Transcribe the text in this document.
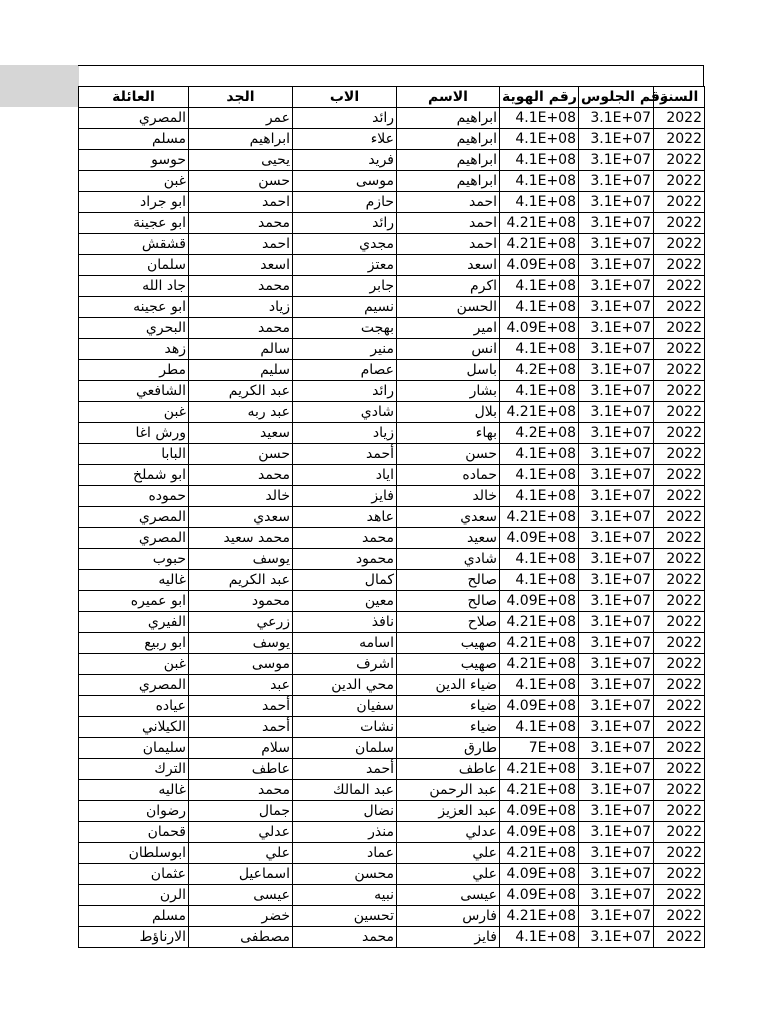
العائلة	الجد	الاب	الاسم	رقم الهوية	رقم الجلوس	السنة
المصري	عمر	رائد	ابراهيم	4.1E+08	3.1E+07	2022
مسلم	ابراهيم	علاء	ابراهيم	4.1E+08	3.1E+07	2022
حوسو	يحيى	فريد	ابراهيم	4.1E+08	3.1E+07	2022
غبن	حسن	موسى	ابراهيم	4.1E+08	3.1E+07	2022
ابو جراد	احمد	حازم	احمد	4.1E+08	3.1E+07	2022
ابو عجينة	محمد	رائد	احمد	4.21E+08	3.1E+07	2022
قشقش	احمد	مجدي	احمد	4.21E+08	3.1E+07	2022
سلمان	اسعد	معتز	اسعد	4.09E+08	3.1E+07	2022
جاد الله	محمد	جابر	اكرم	4.1E+08	3.1E+07	2022
ابو عجينه	زياد	نسيم	الحسن	4.1E+08	3.1E+07	2022
البحري	محمد	بهجت	امير	4.09E+08	3.1E+07	2022
زهد	سالم	منير	انس	4.1E+08	3.1E+07	2022
مطر	سليم	عصام	باسل	4.2E+08	3.1E+07	2022
الشافعي	عبد الكريم	رائد	بشار	4.1E+08	3.1E+07	2022
غبن	عبد ربه	شادي	بلال	4.21E+08	3.1E+07	2022
ورش اغا	سعيد	زياد	بهاء	4.2E+08	3.1E+07	2022
البابا	حسن	أحمد	حسن	4.1E+08	3.1E+07	2022
ابو شملخ	محمد	اياد	حماده	4.1E+08	3.1E+07	2022
حموده	خالد	فايز	خالد	4.1E+08	3.1E+07	2022
المصري	سعدي	عاهد	سعدي	4.21E+08	3.1E+07	2022
المصري	محمد سعيد	محمد	سعيد	4.09E+08	3.1E+07	2022
حبوب	يوسف	محمود	شادي	4.1E+08	3.1E+07	2022
غاليه	عبد الكريم	كمال	صالح	4.1E+08	3.1E+07	2022
ابو عميره	محمود	معين	صالح	4.09E+08	3.1E+07	2022
الفيري	زرعي	نافذ	صلاح	4.21E+08	3.1E+07	2022
ابو ربيع	يوسف	اسامه	صهيب	4.21E+08	3.1E+07	2022
غبن	موسى	اشرف	صهيب	4.21E+08	3.1E+07	2022
المصري	عبد	محي الدين	ضياء الدين	4.1E+08	3.1E+07	2022
عياده	أحمد	سفيان	ضياء	4.09E+08	3.1E+07	2022
الكيلاني	أحمد	نشات	ضياء	4.1E+08	3.1E+07	2022
سليمان	سلام	سلمان	طارق	7E+08	3.1E+07	2022
الترك	عاطف	أحمد	عاطف	4.21E+08	3.1E+07	2022
غاليه	محمد	عبد المالك	عبد الرحمن	4.21E+08	3.1E+07	2022
رضوان	جمال	نضال	عبد العزيز	4.09E+08	3.1E+07	2022
قحمان	عدلي	منذر	عدلي	4.09E+08	3.1E+07	2022
ابوسلطان	علي	عماد	علي	4.21E+08	3.1E+07	2022
عثمان	اسماعيل	محسن	علي	4.09E+08	3.1E+07	2022
الرن	عيسى	نبيه	عيسى	4.09E+08	3.1E+07	2022
مسلم	خضر	تحسين	فارس	4.21E+08	3.1E+07	2022
الارناؤط	مصطفى	محمد	فايز	4.1E+08	3.1E+07	2022
